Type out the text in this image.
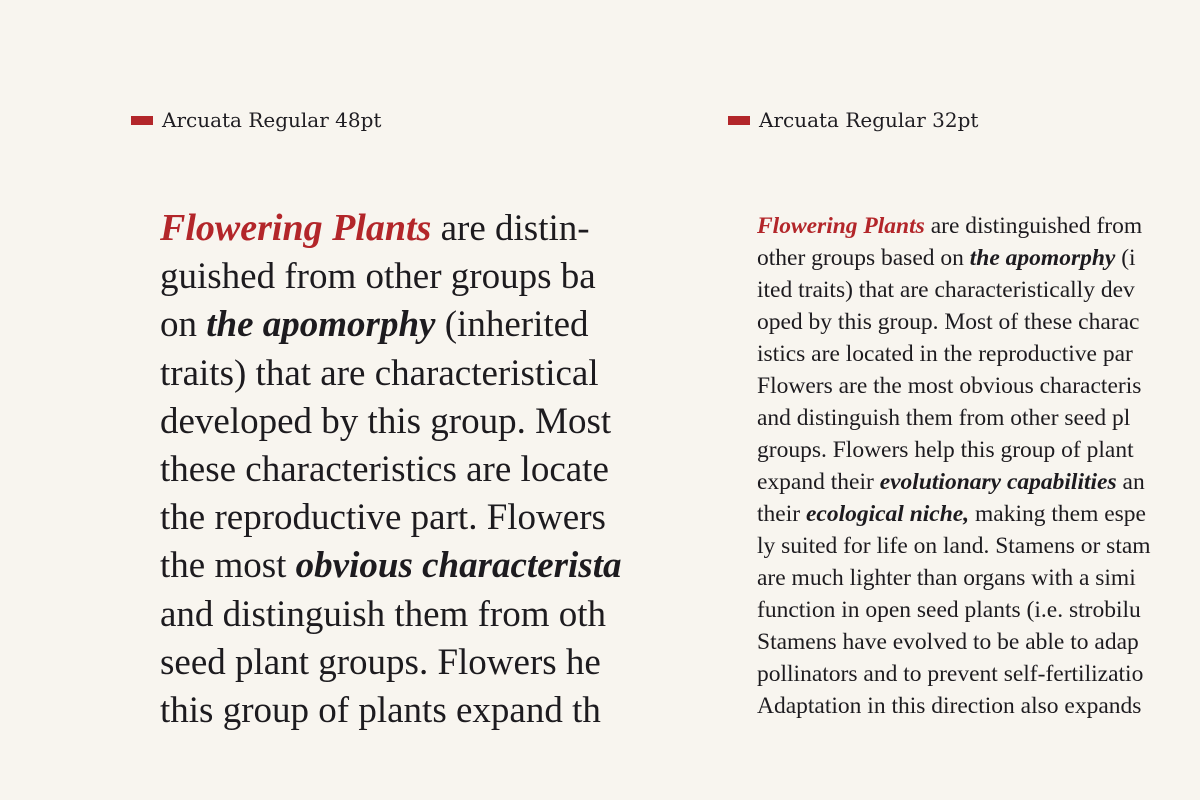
Arcuata Regular 48pt	Arcuata Regular 32pt
Flowering Plants are distin-
guished from other groups ba
on the apomorphy (inherited
traits) that are characteristical
developed by this group. Most
these characteristics are locate
the reproductive part. Flowers
the most obvious characterista
and distinguish them from oth
seed plant groups. Flowers he
this group of plants expand th
Flowering Plants are distinguished from
other groups based on the apomorphy (i
ited traits) that are characteristically dev
oped by this group. Most of these charac
istics are located in the reproductive par
Flowers are the most obvious characteris
and distinguish them from other seed pl
groups. Flowers help this group of plant
expand their evolutionary capabilities an
their ecological niche, making them espe
ly suited for life on land. Stamens or stam
are much lighter than organs with a simi
function in open seed plants (i.e. strobilu
Stamens have evolved to be able to adap
pollinators and to prevent self-fertilizatio
Adaptation in this direction also expands
